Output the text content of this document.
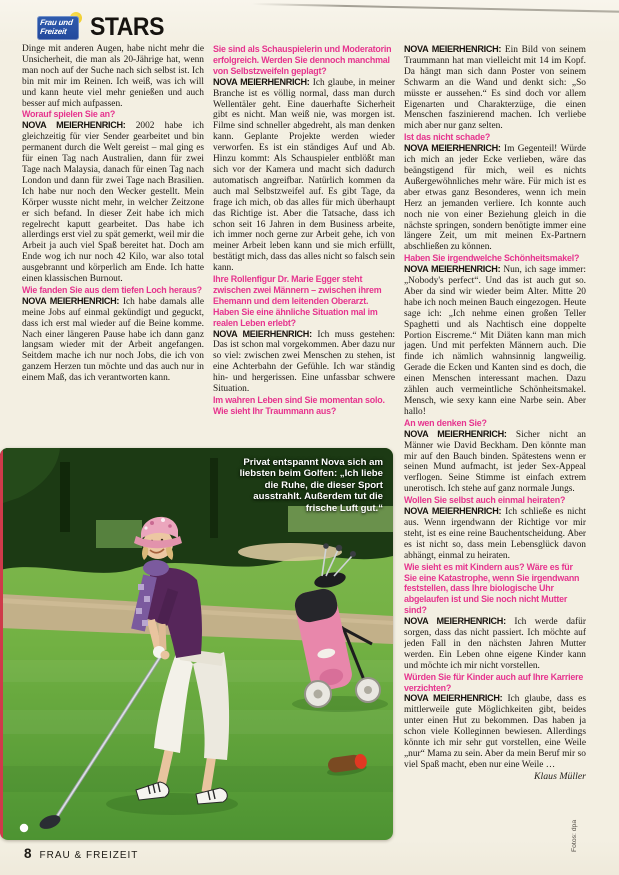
Frau und
Freizeit STARS

Dinge mit anderen Augen, habe nicht mehr die Unsicherheit, die man als 20-Jährige hat, wenn man noch auf der Suche nach sich selbst ist. Ich bin mit mir im Reinen. Ich weiß, was ich will und kann heute viel mehr genießen und auch besser auf mich aufpassen.

Worauf spielen Sie an?

NOVA MEIERHENRICH: 2002 habe ich gleichzeitig für vier Sender gearbeitet und bin permanent durch die Welt gereist – mal ging es für einen Tag nach Australien, dann für zwei Tage nach Malaysia, danach für einen Tag nach London und dann für zwei Tage nach Brasilien. Ich habe nur noch den Wecker gestellt. Mein Körper wusste nicht mehr, in welcher Zeitzone er sich befand. In dieser Zeit habe ich mich regelrecht kaputt gearbeitet. Das habe ich allerdings erst viel zu spät gemerkt, weil mir die Arbeit ja auch viel Spaß bereitet hat. Doch am Ende wog ich nur noch 42 Kilo, war also total ausgebrannt und körperlich am Ende. Ich hatte einen klassischen Burnout.

Wie fanden Sie aus dem tiefen Loch heraus?

NOVA MEIERHENRICH: Ich habe damals alle meine Jobs auf einmal gekündigt und geguckt, dass ich erst mal wieder auf die Beine komme. Nach einer längeren Pause habe ich dann ganz langsam wieder mit der Arbeit angefangen. Seitdem mache ich nur noch Jobs, die ich von ganzem Herzen tun möchte und das auch nur in einem Maß, das ich verantworten kann.

Sie sind als Schauspielerin und Moderatorin erfolgreich. Werden Sie dennoch manchmal von Selbstzweifeln geplagt?

NOVA MEIERHENRICH: Ich glaube, in meiner Branche ist es völlig normal, dass man durch Wellentäler geht. Eine dauerhafte Sicherheit gibt es nicht. Man weiß nie, was morgen ist. Filme sind schneller abgedreht, als man denken kann. Geplante Projekte werden wieder verworfen. Es ist ein ständiges Auf und Ab. Hinzu kommt: Als Schauspieler entblößt man sich vor der Kamera und macht sich dadurch automatisch angreifbar. Natürlich kommen da auch mal Selbstzweifel auf. Es gibt Tage, da frage ich mich, ob das alles für mich überhaupt das Richtige ist. Aber die Tatsache, dass ich schon seit 16 Jahren in dem Business arbeite, ich immer noch gerne zur Arbeit gehe, ich von meiner Arbeit leben kann und sie mich erfüllt, bestätigt mich, dass das alles nicht so falsch sein kann.

Ihre Rollenfigur Dr. Marie Egger steht zwischen zwei Männern – zwischen ihrem Ehemann und dem leitenden Oberarzt. Haben Sie eine ähnliche Situation mal im realen Leben erlebt?

NOVA MEIERHENRICH: Ich muss gestehen: Das ist schon mal vorgekommen. Aber dazu nur so viel: zwischen zwei Menschen zu stehen, ist eine Achterbahn der Gefühle. Ich war ständig hin- und hergerissen. Eine unfassbar schwere Situation.

Im wahren Leben sind Sie momentan solo. Wie sieht Ihr Traummann aus?

NOVA MEIERHENRICH: Ein Bild von seinem Traummann hat man vielleicht mit 14 im Kopf. Da hängt man sich dann Poster von seinem Schwarm an die Wand und denkt sich: „So müsste er aussehen.“ Es sind doch vor allem Eigenarten und Charakterzüge, die einen Menschen faszinierend machen. Ich verliebe mich aber nur ganz selten.

Ist das nicht schade?

NOVA MEIERHENRICH: Im Gegenteil! Würde ich mich an jeder Ecke verlieben, wäre das beängstigend für mich, weil es nichts Außergewöhnliches mehr wäre. Für mich ist es aber etwas ganz Besonderes, wenn ich mein Herz an jemanden verliere. Ich konnte auch noch nie von einer Beziehung gleich in die nächste springen, sondern benötigte immer eine längere Zeit, um mit meinen Ex-Partnern abschließen zu können.

Haben Sie irgendwelche Schönheitsmakel?

NOVA MEIERHENRICH: Nun, ich sage immer: „Nobody's perfect“. Und das ist auch gut so. Aber da sind wir wieder beim Alter. Mitte 20 habe ich noch meinen Bauch eingezogen. Heute sage ich: „Ich nehme einen großen Teller Spaghetti und als Nachtisch eine doppelte Portion Eiscreme.“ Mit Diäten kann man mich jagen. Und mit perfekten Männern auch. Die finde ich nämlich wahnsinnig langweilig. Gerade die Ecken und Kanten sind es doch, die einen Menschen interessant machen. Dazu zählen auch vermeintliche Schönheitsmakel. Mensch, wie sexy kann eine Narbe sein. Aber hallo!

An wen denken Sie?

NOVA MEIERHENRICH: Sicher nicht an Männer wie David Beckham. Den könnte man mir auf den Bauch binden. Spätestens wenn er seinen Mund aufmacht, ist jeder Sex-Appeal verflogen. Seine Stimme ist einfach extrem unerotisch. Ich stehe auf ganz normale Jungs.

Wollen Sie selbst auch einmal heiraten?

NOVA MEIERHENRICH: Ich schließe es nicht aus. Wenn irgendwann der Richtige vor mir steht, ist es eine reine Bauchentscheidung. Aber es ist nicht so, dass mein Lebensglück davon abhängt, einmal zu heiraten.

Wie sieht es mit Kindern aus? Wäre es für Sie eine Katastrophe, wenn Sie irgendwann feststellen, dass Ihre biologische Uhr abgelaufen ist und Sie noch nicht Mutter sind?

NOVA MEIERHENRICH: Ich werde dafür sorgen, dass das nicht passiert. Ich möchte auf jeden Fall in den nächsten Jahren Mutter werden. Ein Leben ohne eigene Kinder kann und möchte ich mir nicht vorstellen.

Würden Sie für Kinder auch auf Ihre Karriere verzichten?

NOVA MEIERHENRICH: Ich glaube, dass es mittlerweile gute Möglichkeiten gibt, beides unter einen Hut zu bekommen. Das haben ja schon viele Kolleginnen bewiesen. Allerdings könnte ich mir sehr gut vorstellen, eine Weile „nur“ Mama zu sein. Aber da mein Beruf mir so viel Spaß macht, eben nur eine Weile …

Klaus Müller

Privat entspannt Nova sich am liebsten beim Golfen: „Ich liebe die Ruhe, die dieser Sport ausstrahlt. Außerdem tut die frische Luft gut.“
8 FRAU & FREIZEIT
Fotos: dpa
